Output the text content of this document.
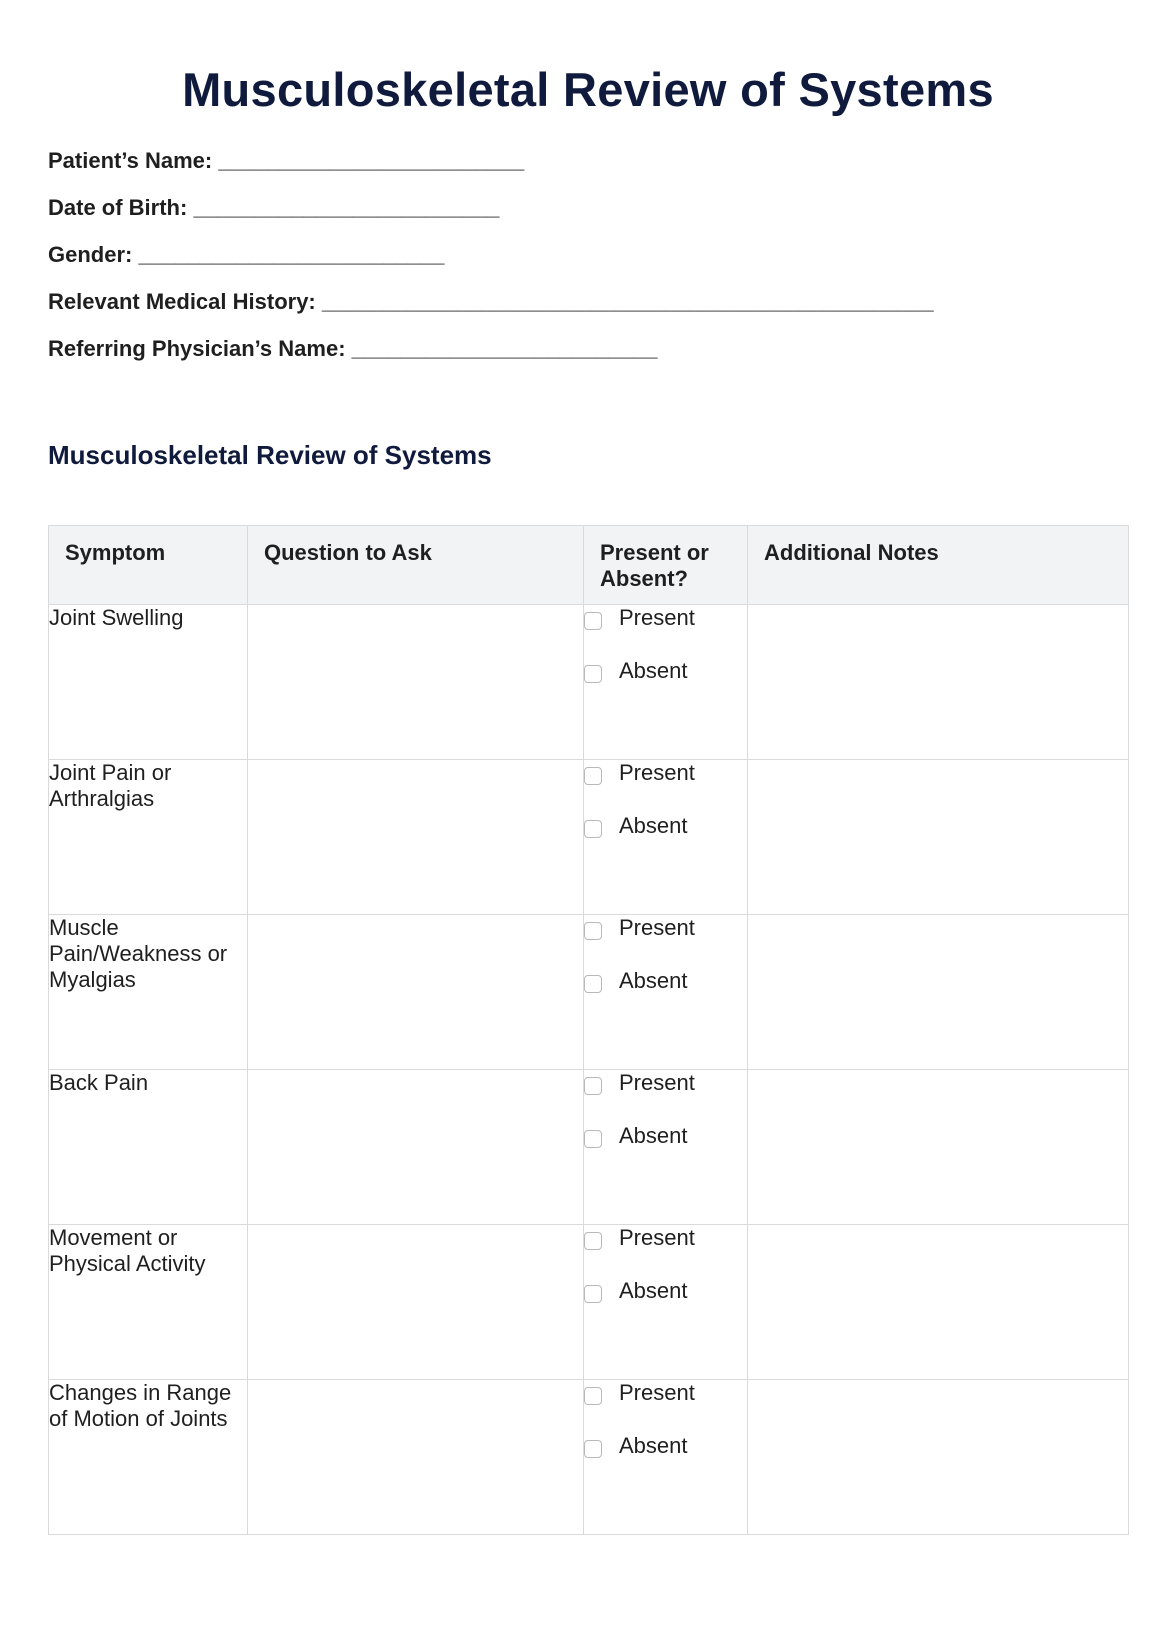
Musculoskeletal Review of Systems
Patient’s Name: _________________________
Date of Birth: _________________________
Gender: _________________________
Relevant Medical History: __________________________________________________
Referring Physician’s Name: _________________________
Musculoskeletal Review of Systems
Symptom	Question to Ask	Present or Absent?	Additional Notes
Joint Swelling		Present
Absent	

Joint Pain or Arthralgias		Present
Absent	

Muscle Pain/Weakness or Myalgias		Present
Absent	

Back Pain		Present
Absent	

Movement or Physical Activity		Present
Absent	

Changes in Range of Motion of Joints		Present
Absent	
